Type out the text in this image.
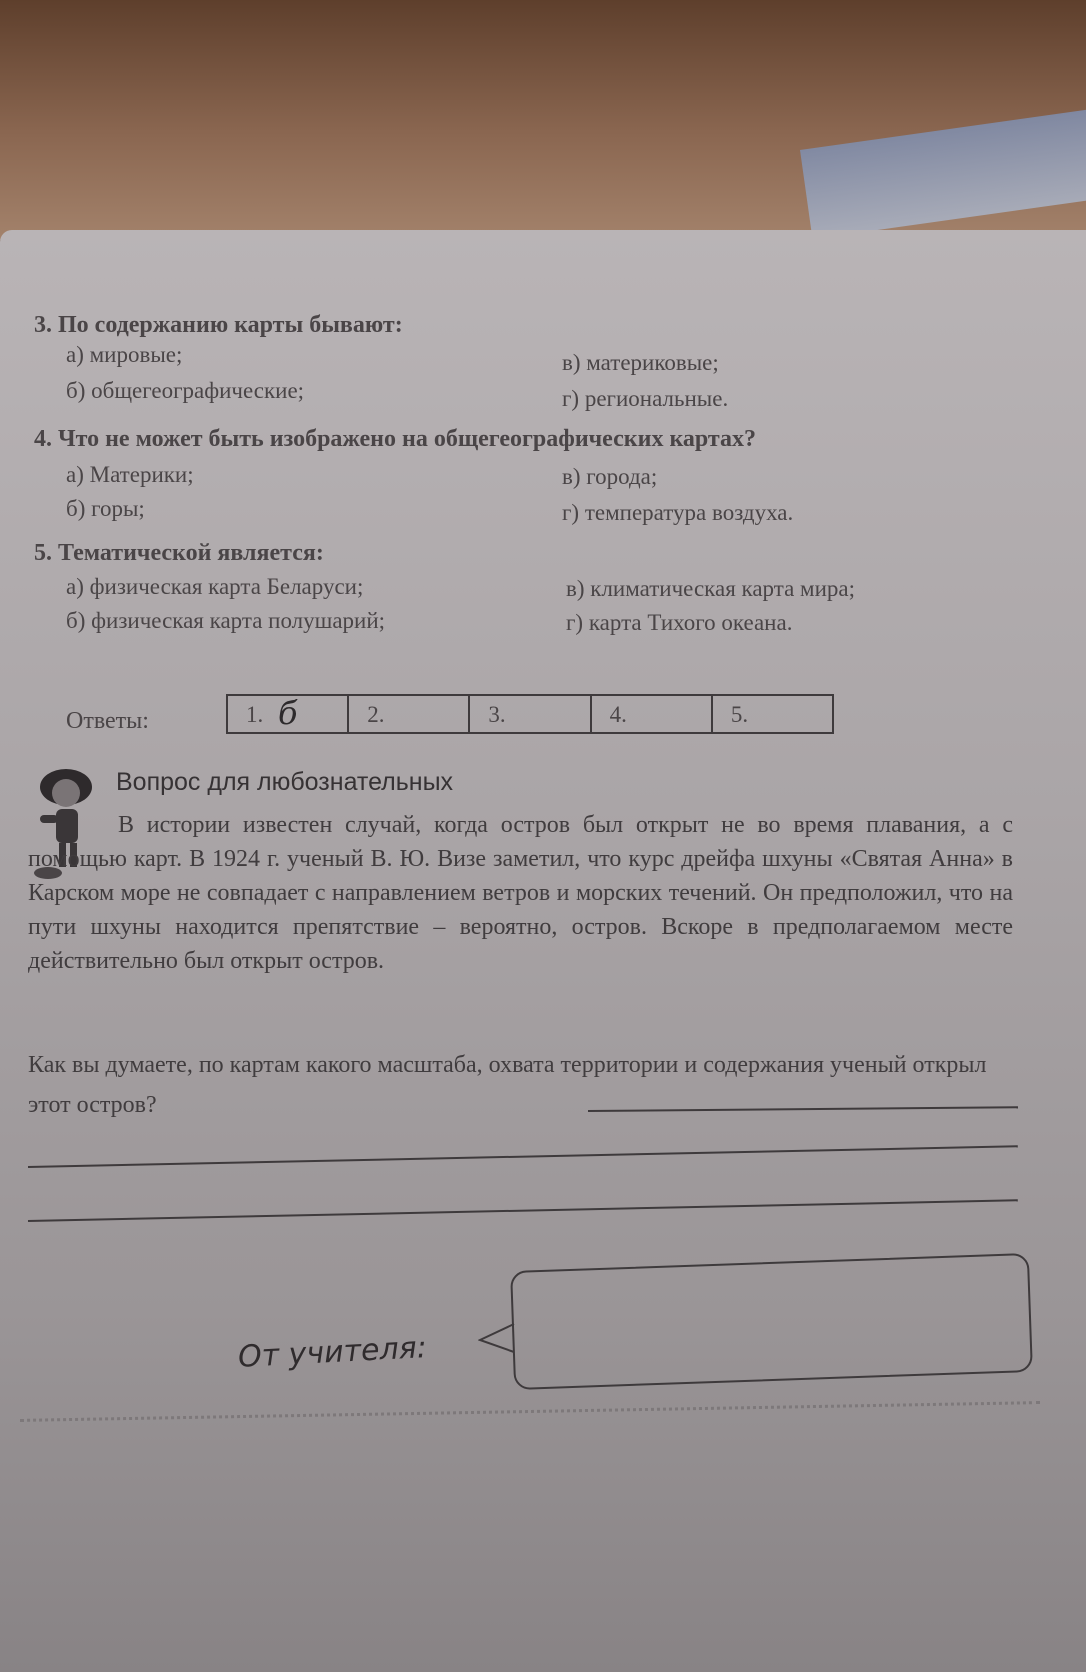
3. По содержанию карты бывают:
а) мировые;
б) общегеографические;
в) материковые;
г) региональные.
4. Что не может быть изображено на общегеографических картах?
а) Материки;
б) горы;
в) города;
г) температура воздуха.
5. Тематической является:
а) физическая карта Беларуси;
б) физическая карта полушарий;
в) климатическая карта мира;
г) карта Тихого океана.
Ответы:	1. б	2.	3.	4.	5.
Вопрос для любознательных
В истории известен случай, когда остров был открыт не во время плавания, а с помощью карт. В 1924 г. ученый В. Ю. Визе заметил, что курс дрейфа шхуны «Святая Анна» в Карском море не совпадает с направлением ветров и морских течений. Он предположил, что на пути шхуны находится препятствие – вероятно, остров. Вскоре в предполагаемом месте действительно был открыт остров.
Как вы думаете, по картам какого масштаба, охвата территории и содержания ученый открыл этот остров?
От учителя:
